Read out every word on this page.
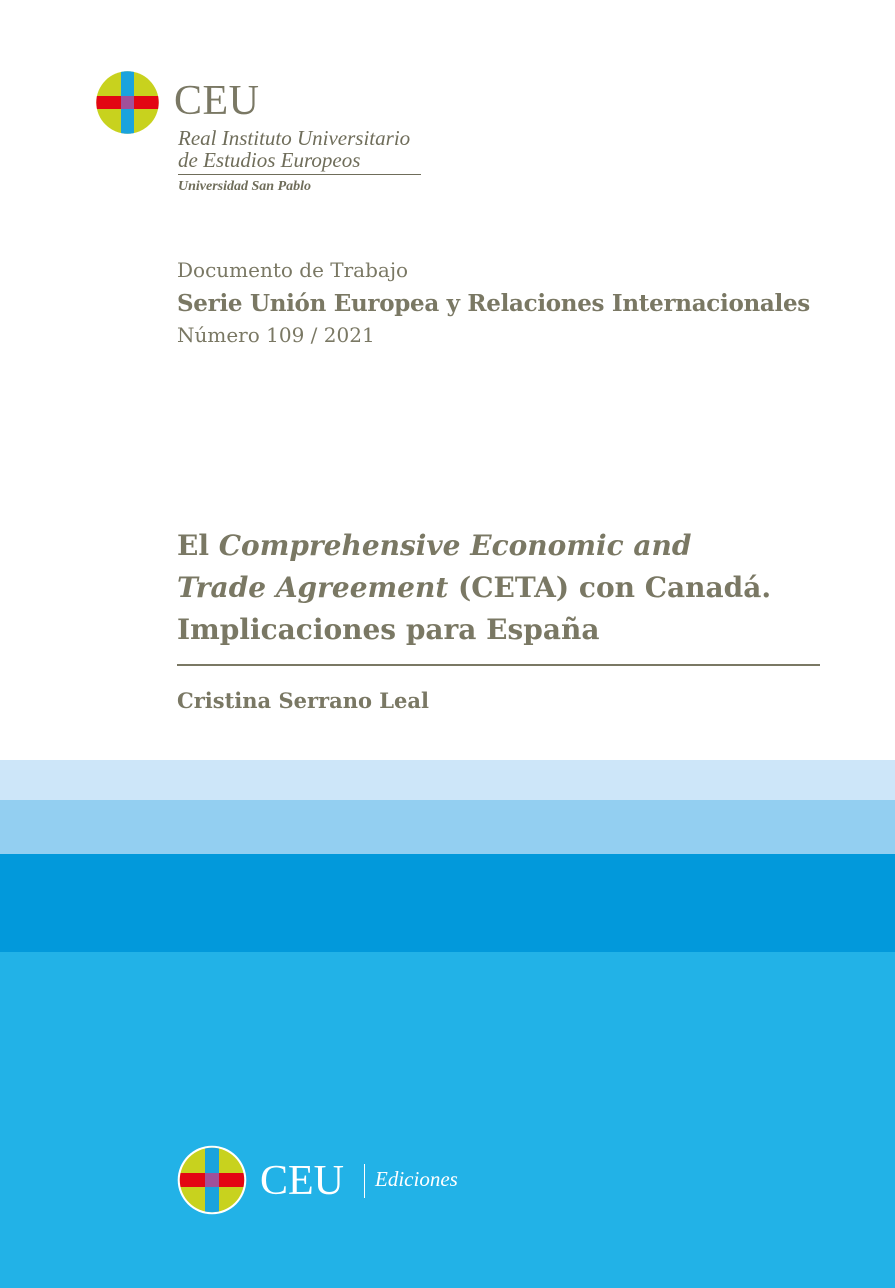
CEU
Real Instituto Universitario
de Estudios Europeos
Universidad San Pablo
Documento de Trabajo
Serie Unión Europea y Relaciones Internacionales
Número 109 / 2021
El Comprehensive Economic and
Trade Agreement (CETA) con Canadá.
Implicaciones para España
Cristina Serrano Leal
CEU Ediciones
